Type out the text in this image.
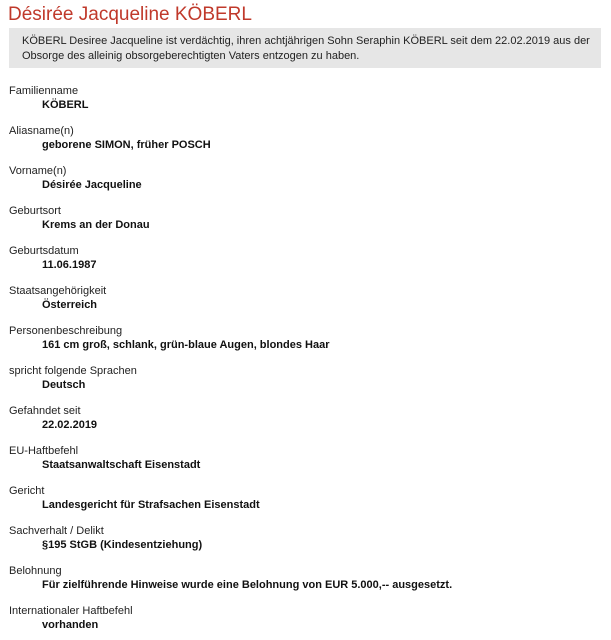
Désirée Jacqueline KÖBERL
KÖBERL Desiree Jacqueline ist verdächtig, ihren achtjährigen Sohn Seraphin KÖBERL seit dem 22.02.2019 aus der Obsorge des alleinig obsorgeberechtigten Vaters entzogen zu haben.
Familienname
KÖBERL
Aliasname(n)
geborene SIMON, früher POSCH
Vorname(n)
Désirée Jacqueline
Geburtsort
Krems an der Donau
Geburtsdatum
11.06.1987
Staatsangehörigkeit
Österreich
Personenbeschreibung
161 cm groß, schlank, grün-blaue Augen, blondes Haar
spricht folgende Sprachen
Deutsch
Gefahndet seit
22.02.2019
EU-Haftbefehl
Staatsanwaltschaft Eisenstadt
Gericht
Landesgericht für Strafsachen Eisenstadt
Sachverhalt / Delikt
§195 StGB (Kindesentziehung)
Belohnung
Für zielführende Hinweise wurde eine Belohnung von EUR 5.000,-- ausgesetzt.
Internationaler Haftbefehl
vorhanden
